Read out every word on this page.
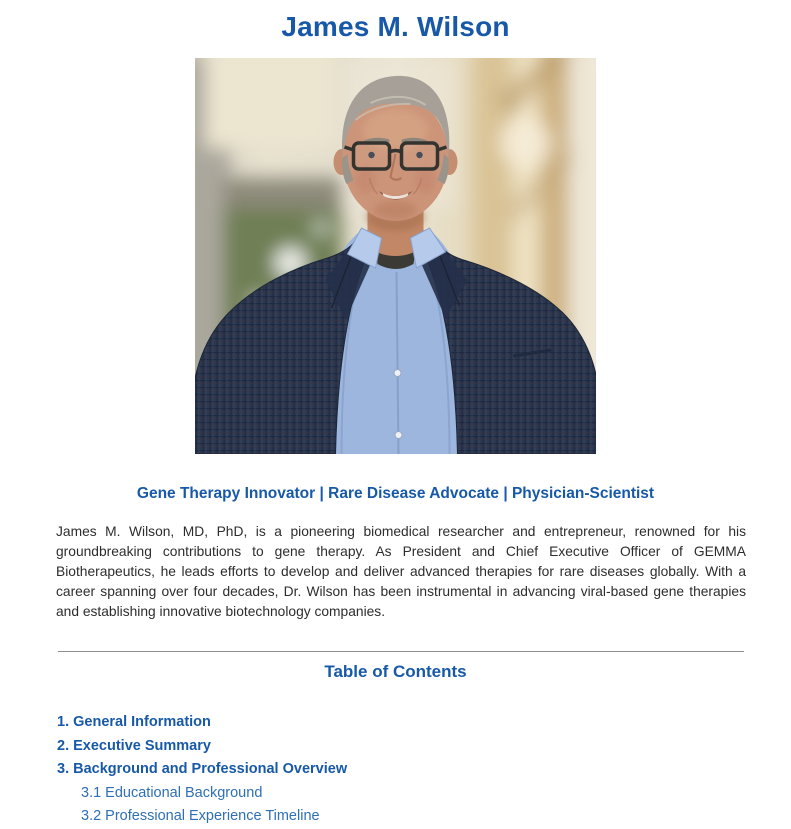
James M. Wilson
Gene Therapy Innovator | Rare Disease Advocate | Physician-Scientist

James M. Wilson, MD, PhD, is a pioneering biomedical researcher and entrepreneur, renowned for his groundbreaking contributions to gene therapy. As President and Chief Executive Officer of GEMMA Biotherapeutics, he leads efforts to develop and deliver advanced therapies for rare diseases globally. With a career spanning over four decades, Dr. Wilson has been instrumental in advancing viral-based gene therapies and establishing innovative biotechnology companies.

Table of Contents
1. General Information
2. Executive Summary
3. Background and Professional Overview
3.1 Educational Background
3.2 Professional Experience Timeline
